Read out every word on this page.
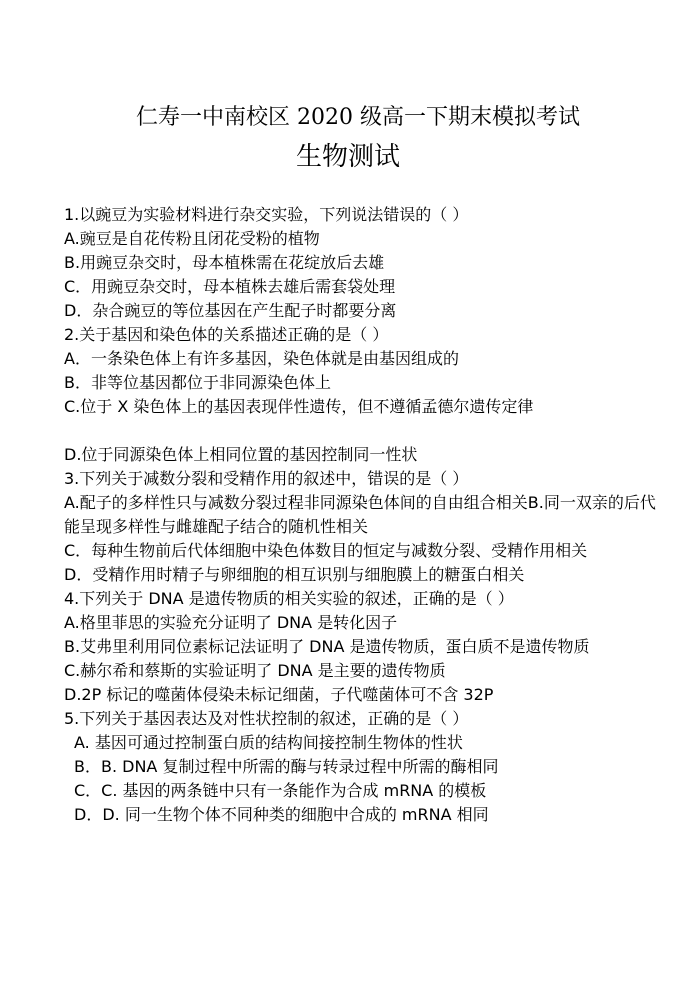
仁寿一中南校区 2020 级高一下期末模拟考试
生物测试
1.以豌豆为实验材料进行杂交实验，下列说法错误的（ ）
A.豌豆是自花传粉且闭花受粉的植物
B.用豌豆杂交时，母本植株需在花绽放后去雄
C．用豌豆杂交时，母本植株去雄后需套袋处理
D．杂合豌豆的等位基因在产生配子时都要分离
2.关于基因和染色体的关系描述正确的是（ ）
A．一条染色体上有许多基因，染色体就是由基因组成的
B．非等位基因都位于非同源染色体上
C.位于 X 染色体上的基因表现伴性遗传，但不遵循孟德尔遗传定律
D.位于同源染色体上相同位置的基因控制同一性状
3.下列关于减数分裂和受精作用的叙述中，错误的是（ ）
A.配子的多样性只与减数分裂过程非同源染色体间的自由组合相关B.同一双亲的后代能呈现多样性与雌雄配子结合的随机性相关
C．每种生物前后代体细胞中染色体数目的恒定与减数分裂、受精作用相关
D．受精作用时精子与卵细胞的相互识别与细胞膜上的糖蛋白相关
4.下列关于 DNA 是遗传物质的相关实验的叙述，正确的是（ ）
A.格里菲思的实验充分证明了 DNA 是转化因子
B.艾弗里利用同位素标记法证明了 DNA 是遗传物质，蛋白质不是遗传物质
C.赫尔希和蔡斯的实验证明了 DNA 是主要的遗传物质
D.2P 标记的噬菌体侵染未标记细菌，子代噬菌体可不含 32P
5.下列关于基因表达及对性状控制的叙述，正确的是（ ）
A. 基因可通过控制蛋白质的结构间接控制生物体的性状
B．B. DNA 复制过程中所需的酶与转录过程中所需的酶相同
C．C. 基因的两条链中只有一条能作为合成 mRNA 的模板
D．D. 同一生物个体不同种类的细胞中合成的 mRNA 相同
